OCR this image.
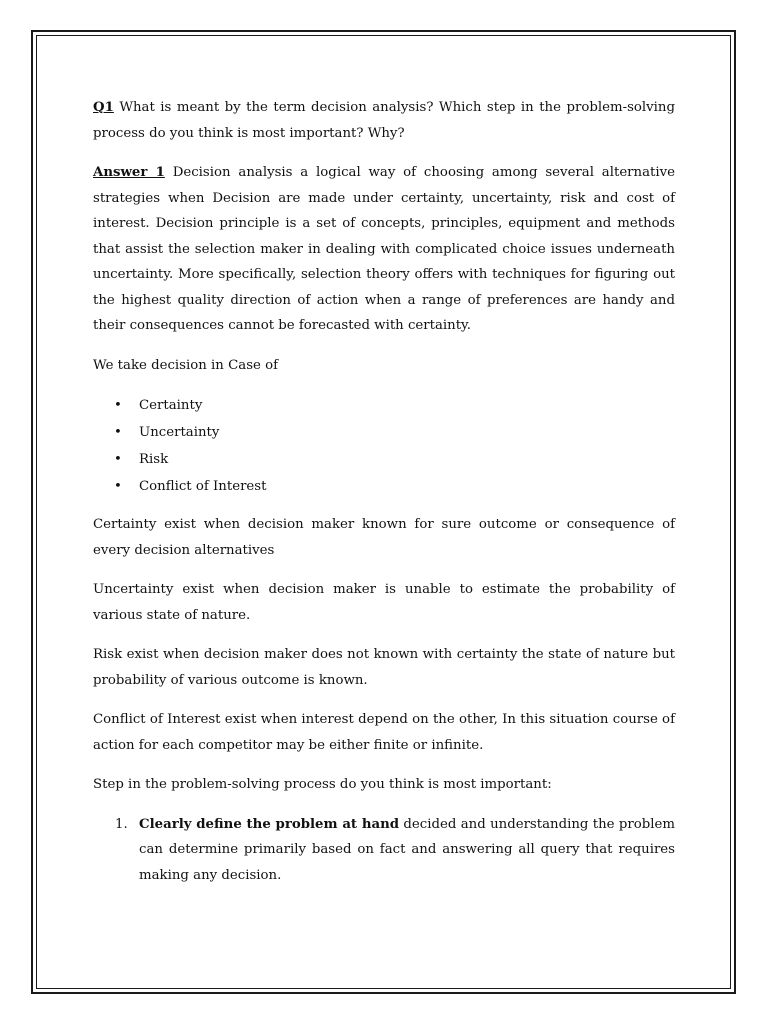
Q1 What is meant by the term decision analysis? Which step in the problem-solving process do you think is most important? Why?

Answer 1 Decision analysis a logical way of choosing among several alternative strategies when Decision are made under certainty, uncertainty, risk and cost of interest. Decision principle is a set of concepts, principles, equipment and methods that assist the selection maker in dealing with complicated choice issues underneath uncertainty. More specifically, selection theory offers with techniques for figuring out the highest quality direction of action when a range of preferences are handy and their consequences cannot be forecasted with certainty.

We take decision in Case of

• Certainty
• Uncertainty
• Risk
• Conflict of Interest

Certainty exist when decision maker known for sure outcome or consequence of every decision alternatives

Uncertainty exist when decision maker is unable to estimate the probability of various state of nature.

Risk exist when decision maker does not known with certainty the state of nature but probability of various outcome is known.

Conflict of Interest exist when interest depend on the other, In this situation course of action for each competitor may be either finite or infinite.

Step in the problem-solving process do you think is most important:

1. Clearly define the problem at hand decided and understanding the problem can determine primarily based on fact and answering all query that requires making any decision.
